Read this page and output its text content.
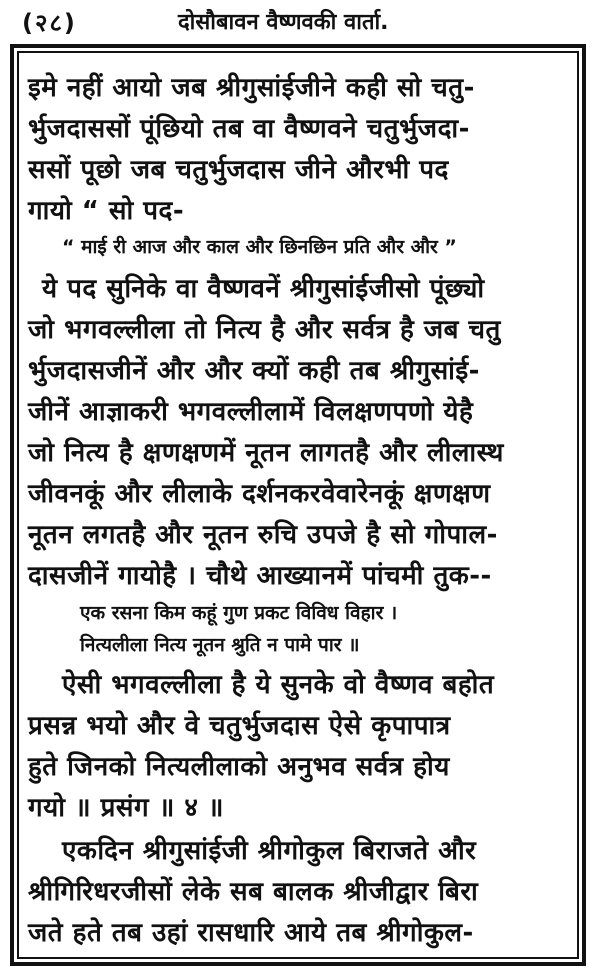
(२८)	दोसौबावन वैष्णवकी वार्ता.
इमे नहीं आयो जब श्रीगुसांईजीने कही सो चतु-
र्भुजदाससों पूंछियो तब वा वैष्णवने चतुर्भुजदा-
ससों पूछो जब चतुर्भुजदास जीने औरभी पद
गायो “ सो पद-
“ माई री आज और काल और छिनछिन प्रति और और ”
ये पद सुनिके वा वैष्णवनें श्रीगुसांईजीसो पूंछ्यो
जो भगवल्लीला तो नित्य है और सर्वत्र है जब चतु
र्भुजदासजीनें और और क्यों कही तब श्रीगुसांई-
जीनें आज्ञाकरी भगवल्लीलामें विलक्षणपणो येहै
जो नित्य है क्षणक्षणमें नूतन लागतहै और लीलास्थ
जीवनकूं और लीलाके दर्शनकरवेवारेनकूं क्षणक्षण
नूतन लगतहै और नूतन रुचि उपजे है सो गोपाल-
दासजीनें गायोहै । चौथे आख्यानमें पांचमी तुक--
एक रसना किम कहूं गुण प्रकट विविध विहार ।
नित्यलीला नित्य नूतन श्रुति न पामे पार ॥
ऐसी भगवल्लीला है ये सुनके वो वैष्णव बहोत
प्रसन्न भयो और वे चतुर्भुजदास ऐसे कृपापात्र
हुते जिनको नित्यलीलाको अनुभव सर्वत्र होय
गयो ॥ प्रसंग ॥ ४ ॥
एकदिन श्रीगुसांईजी श्रीगोकुल बिराजते और
श्रीगिरिधरजीसों लेके सब बालक श्रीजीद्वार बिरा
जते हते तब उहां रासधारि आये तब श्रीगोकुल-
